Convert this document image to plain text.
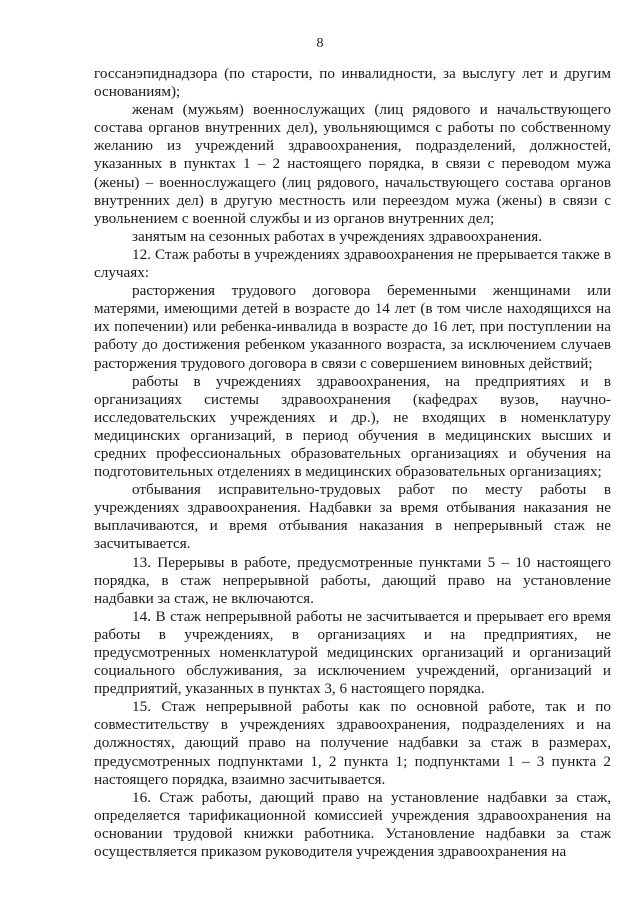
8

госсанэпиднадзора (по старости, по инвалидности, за выслугу лет и другим основаниям);

женам (мужьям) военнослужащих (лиц рядового и начальствующего состава органов внутренних дел), увольняющимся с работы по собственному желанию из учреждений здравоохранения, подразделений, должностей, указанных в пунктах 1 – 2 настоящего порядка, в связи с переводом мужа (жены) – военнослужащего (лиц рядового, начальствующего состава органов внутренних дел) в другую местность или переездом мужа (жены) в связи с увольнением с военной службы и из органов внутренних дел;

занятым на сезонных работах в учреждениях здравоохранения.

12. Стаж работы в учреждениях здравоохранения не прерывается также в случаях:

расторжения трудового договора беременными женщинами или матерями, имеющими детей в возрасте до 14 лет (в том числе находящихся на их попечении) или ребенка-инвалида в возрасте до 16 лет, при поступлении на работу до достижения ребенком указанного возраста, за исключением случаев расторжения трудового договора в связи с совершением виновных действий;

работы в учреждениях здравоохранения, на предприятиях и в организациях системы здравоохранения (кафедрах вузов, научно-исследовательских учреждениях и др.), не входящих в номенклатуру медицинских организаций, в период обучения в медицинских высших и средних профессиональных образовательных организациях и обучения на подготовительных отделениях в медицинских образовательных организациях;

отбывания исправительно-трудовых работ по месту работы в учреждениях здравоохранения. Надбавки за время отбывания наказания не выплачиваются, и время отбывания наказания в непрерывный стаж не засчитывается.

13. Перерывы в работе, предусмотренные пунктами 5 – 10 настоящего порядка, в стаж непрерывной работы, дающий право на установление надбавки за стаж, не включаются.

14. В стаж непрерывной работы не засчитывается и прерывает его время работы в учреждениях, в организациях и на предприятиях, не предусмотренных номенклатурой медицинских организаций и организаций социального обслуживания, за исключением учреждений, организаций и предприятий, указанных в пунктах 3, 6 настоящего порядка.

15. Стаж непрерывной работы как по основной работе, так и по совместительству в учреждениях здравоохранения, подразделениях и на должностях, дающий право на получение надбавки за стаж в размерах, предусмотренных подпунктами 1, 2 пункта 1; подпунктами 1 – 3 пункта 2 настоящего порядка, взаимно засчитывается.

16. Стаж работы, дающий право на установление надбавки за стаж, определяется тарификационной комиссией учреждения здравоохранения на основании трудовой книжки работника. Установление надбавки за стаж осуществляется приказом руководителя учреждения здравоохранения на
